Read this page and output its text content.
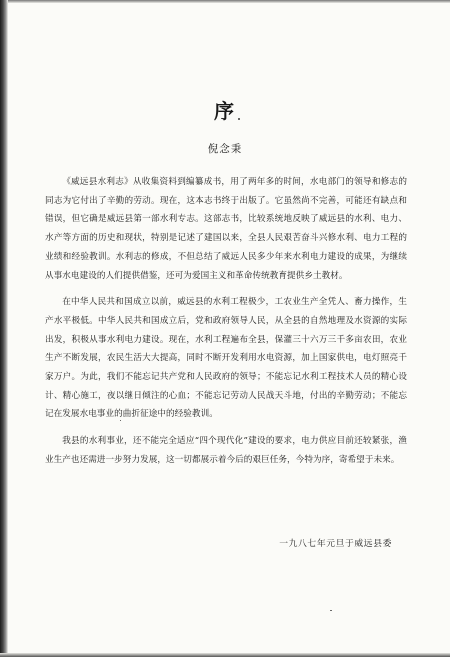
序
倪念秉

《威远县水利志》从收集资料到编纂成书，用了两年多的时间，水电部门的领导和修志的同志为它付出了辛勤的劳动。现在，这本志书终于出版了。它虽然尚不完善，可能还有缺点和错误，但它确是威远县第一部水利专志。这部志书，比较系统地反映了威远县的水利、电力、水产等方面的历史和现状，特别是记述了建国以来，全县人民艰苦奋斗兴修水利、电力工程的业绩和经验教训。水利志的修成，不但总结了威远人民多少年来水利电力建设的成果，为继续从事水电建设的人们提供借鉴，还可为爱国主义和革命传统教育提供乡土教材。

在中华人民共和国成立以前，威远县的水利工程极少，工农业生产全凭人、畜力操作，生产水平极低。中华人民共和国成立后，党和政府领导人民，从全县的自然地理及水资源的实际出发，积极从事水利电力建设。现在，水利工程遍布全县，保灌三十六万三千多亩农田，农业生产不断发展，农民生活大大提高，同时不断开发利用水电资源，加上国家供电，电灯照亮千家万户。为此，我们不能忘记共产党和人民政府的领导；不能忘记水利工程技术人员的精心设计、精心施工，夜以继日倾注的心血；不能忘记劳动人民战天斗地，付出的辛勤劳动；不能忘记在发展水电事业的曲折征途中的经验教训。

我县的水利事业，还不能完全适应“四个现代化”建设的要求，电力供应目前还较紧张，渔业生产也还需进一步努力发展，这一切都展示着今后的艰巨任务，今特为序，寄希望于未来。

一九八七年元旦于威远县委
